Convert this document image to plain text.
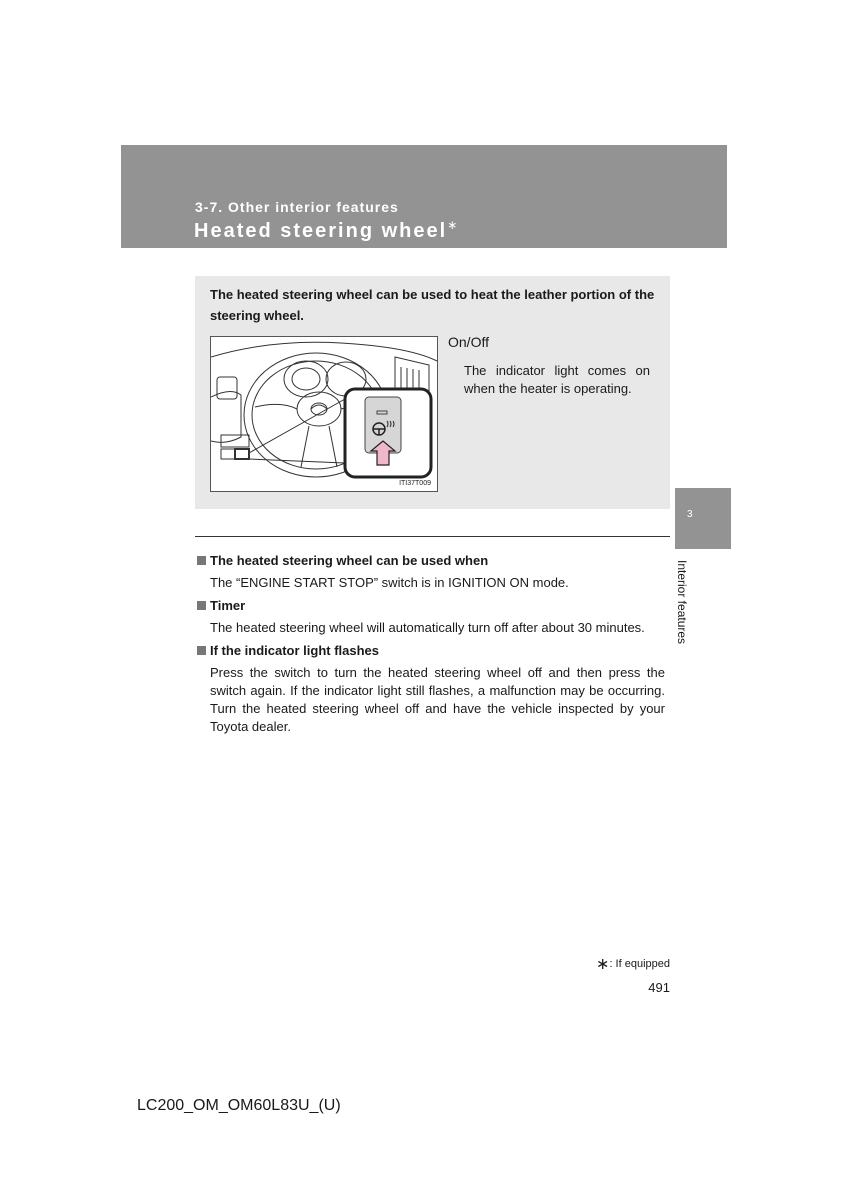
3-7. Other interior features
Heated steering wheel∗
The heated steering wheel can be used to heat the leather portion of the steering wheel.
ITI37T009
On/Off
The indicator light comes on when the heater is operating.
3
Interior features
The heated steering wheel can be used when
The “ENGINE START STOP” switch is in IGNITION ON mode.
Timer
The heated steering wheel will automatically turn off after about 30 minutes.
If the indicator light flashes
Press the switch to turn the heated steering wheel off and then press the switch again. If the indicator light still flashes, a malfunction may be occurring. Turn the heated steering wheel off and have the vehicle inspected by your Toyota dealer.
∗: If equipped
491
LC200_OM_OM60L83U_(U)
